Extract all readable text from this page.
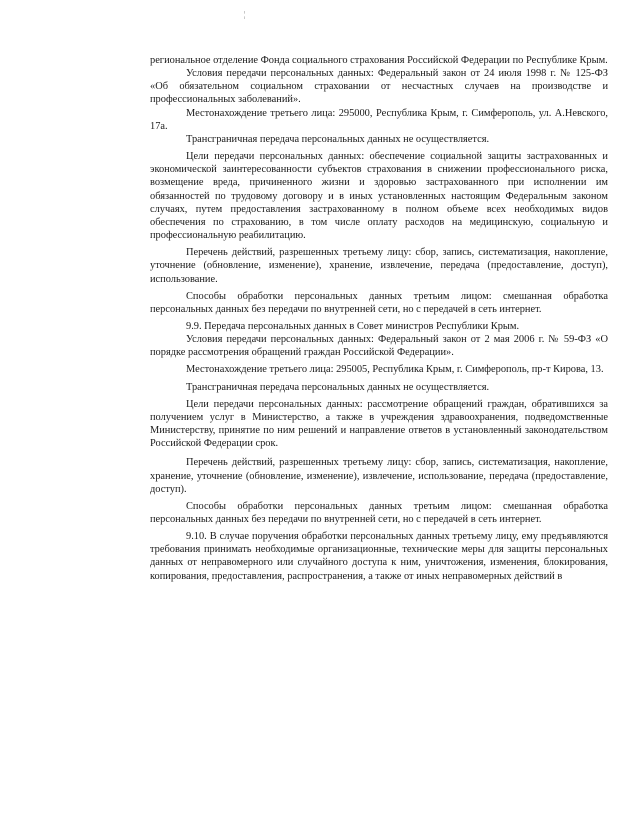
¦

региональное отделение Фонда социального страхования Российской Федерации по Республике Крым.

Условия передачи персональных данных: Федеральный закон от 24 июля 1998 г. № 125-ФЗ «Об обязательном социальном страховании от несчастных случаев на производстве и профессиональных заболеваний».

Местонахождение третьего лица: 295000, Республика Крым, г. Симферополь, ул. А.Невского, 17а.

Трансграничная передача персональных данных не осуществляется.

Цели передачи персональных данных: обеспечение социальной защиты застрахованных и экономической заинтересованности субъектов страхования в снижении профессионального риска, возмещение вреда, причиненного жизни и здоровью застрахованного при исполнении им обязанностей по трудовому договору и в иных установленных настоящим Федеральным законом случаях, путем предоставления застрахованному в полном объеме всех необходимых видов обеспечения по страхованию, в том числе оплату расходов на медицинскую, социальную и профессиональную реабилитацию.

Перечень действий, разрешенных третьему лицу: сбор, запись, систематизация, накопление, уточнение (обновление, изменение), хранение, извлечение, передача (предоставление, доступ), использование.

Способы обработки персональных данных третьим лицом: смешанная обработка персональных данных без передачи по внутренней сети, но с передачей в сеть интернет.

9.9. Передача персональных данных в Совет министров Республики Крым.

Условия передачи персональных данных: Федеральный закон от 2 мая 2006 г. № 59-ФЗ «О порядке рассмотрения обращений граждан Российской Федерации».

Местонахождение третьего лица: 295005, Республика Крым, г. Симферополь, пр-т Кирова, 13.

Трансграничная передача персональных данных не осуществляется.

Цели передачи персональных данных: рассмотрение обращений граждан, обратившихся за получением услуг в Министерство, а также в учреждения здравоохранения, подведомственные Министерству, принятие по ним решений и направление ответов в установленный законодательством Российской Федерации срок.

Перечень действий, разрешенных третьему лицу: сбор, запись, систематизация, накопление, хранение, уточнение (обновление, изменение), извлечение, использование, передача (предоставление, доступ).

Способы обработки персональных данных третьим лицом: смешанная обработка персональных данных без передачи по внутренней сети, но с передачей в сеть интернет.

9.10. В случае поручения обработки персональных данных третьему лицу, ему предъявляются требования принимать необходимые организационные, технические меры для защиты персональных данных от неправомерного или случайного доступа к ним, уничтожения, изменения, блокирования, копирования, предоставления, распространения, а также от иных неправомерных действий в
